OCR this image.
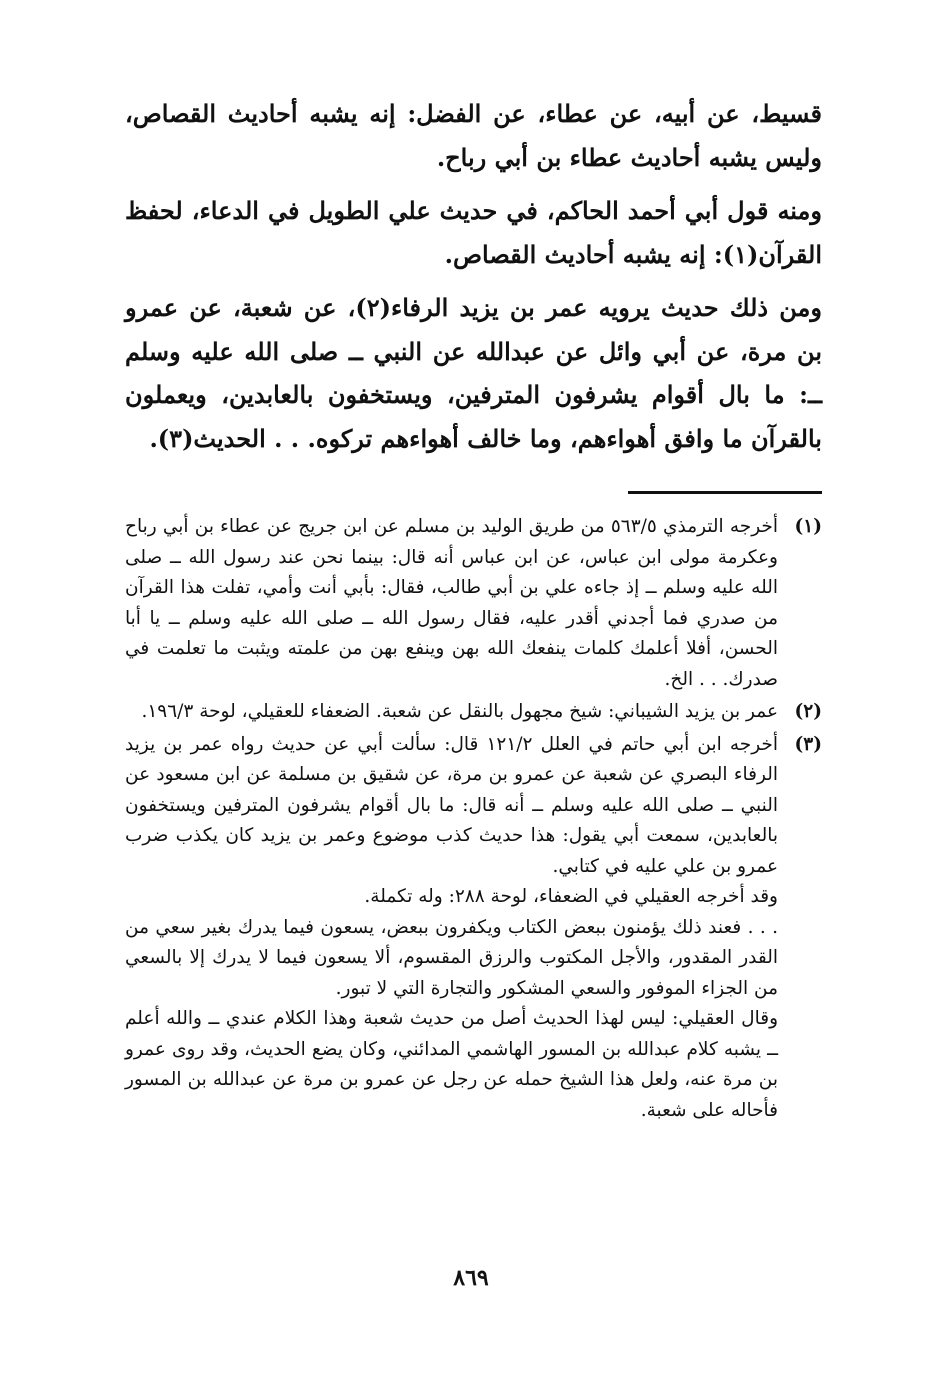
قسيط، عن أبيه، عن عطاء، عن الفضل: إنه يشبه أحاديث القصاص، وليس يشبه أحاديث عطاء بن أبي رباح.

ومنه قول أبي أحمد الحاكم، في حديث علي الطويل في الدعاء، لحفظ القرآن(١): إنه يشبه أحاديث القصاص.

ومن ذلك حديث يرويه عمر بن يزيد الرفاء(٢)، عن شعبة، عن عمرو بن مرة، عن أبي وائل عن عبدالله عن النبي ــ صلى الله عليه وسلم ــ: ما بال أقوام يشرفون المترفين، ويستخفون بالعابدين، ويعملون بالقرآن ما وافق أهواءهم، وما خالف أهواءهم تركوه. . . الحديث(٣).

(١)

أخرجه الترمذي ٥٦٣/٥ من طريق الوليد بن مسلم عن ابن جريج عن عطاء بن أبي رباح وعكرمة مولى ابن عباس، عن ابن عباس أنه قال: بينما نحن عند رسول الله ــ صلى الله عليه وسلم ــ إذ جاءه علي بن أبي طالب، فقال: بأبي أنت وأمي، تفلت هذا القرآن من صدري فما أجدني أقدر عليه، فقال رسول الله ــ صلى الله عليه وسلم ــ يا أبا الحسن، أفلا أعلمك كلمات ينفعك الله بهن وينفع بهن من علمته ويثبت ما تعلمت في صدرك. . . الخ.

(٢)

عمر بن يزيد الشيباني: شيخ مجهول بالنقل عن شعبة. الضعفاء للعقيلي، لوحة ١٩٦/٣.

(٣)

أخرجه ابن أبي حاتم في العلل ١٢١/٢ قال: سألت أبي عن حديث رواه عمر بن يزيد الرفاء البصري عن شعبة عن عمرو بن مرة، عن شقيق بن مسلمة عن ابن مسعود عن النبي ــ صلى الله عليه وسلم ــ أنه قال: ما بال أقوام يشرفون المترفين ويستخفون بالعابدين، سمعت أبي يقول: هذا حديث كذب موضوع وعمر بن يزيد كان يكذب ضرب عمرو بن علي عليه في كتابي.

وقد أخرجه العقيلي في الضعفاء، لوحة ٢٨٨: وله تكملة.

. . . فعند ذلك يؤمنون ببعض الكتاب ويكفرون ببعض، يسعون فيما يدرك بغير سعي من القدر المقدور، والأجل المكتوب والرزق المقسوم، ألا يسعون فيما لا يدرك إلا بالسعي من الجزاء الموفور والسعي المشكور والتجارة التي لا تبور.

وقال العقيلي: ليس لهذا الحديث أصل من حديث شعبة وهذا الكلام عندي ــ والله أعلم ــ يشبه كلام عبدالله بن المسور الهاشمي المدائني، وكان يضع الحديث، وقد روى عمرو بن مرة عنه، ولعل هذا الشيخ حمله عن رجل عن عمرو بن مرة عن عبدالله بن المسور فأحاله على شعبة.

٨٦٩
